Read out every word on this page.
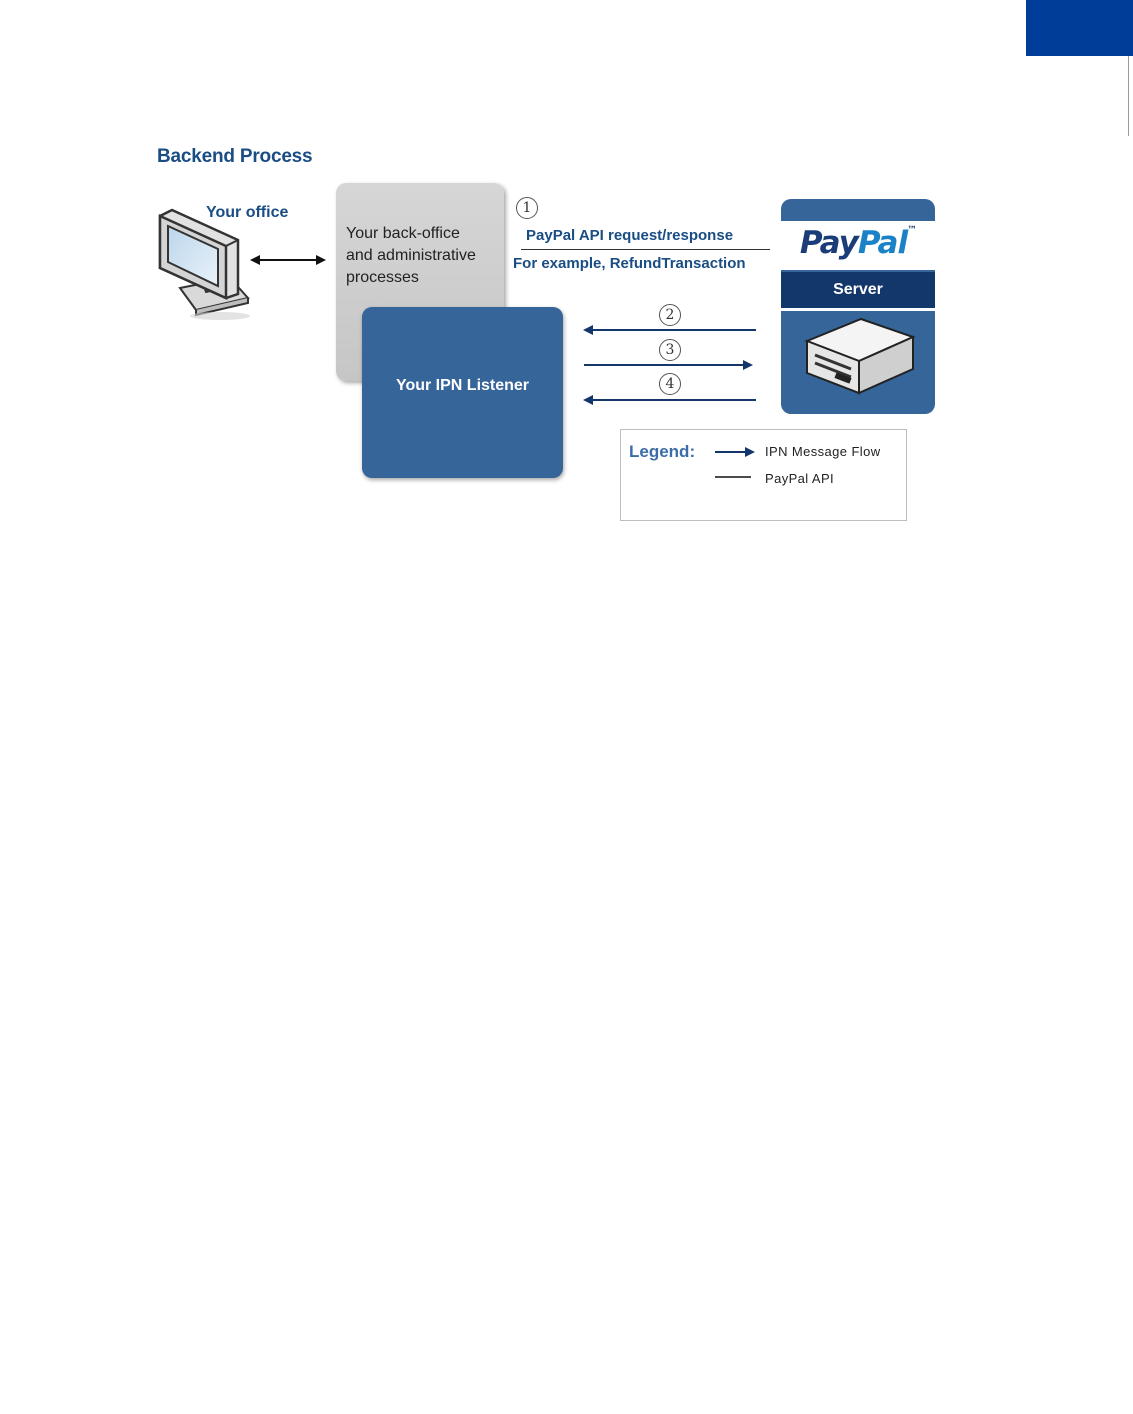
Backend Process
Your office
Your back-office
and administrative
processes
Your IPN Listener
1
PayPal API request/response
For example, RefundTransaction
2
3
4
PayPal™
Server
Legend:	IPN Message Flow
PayPal API
